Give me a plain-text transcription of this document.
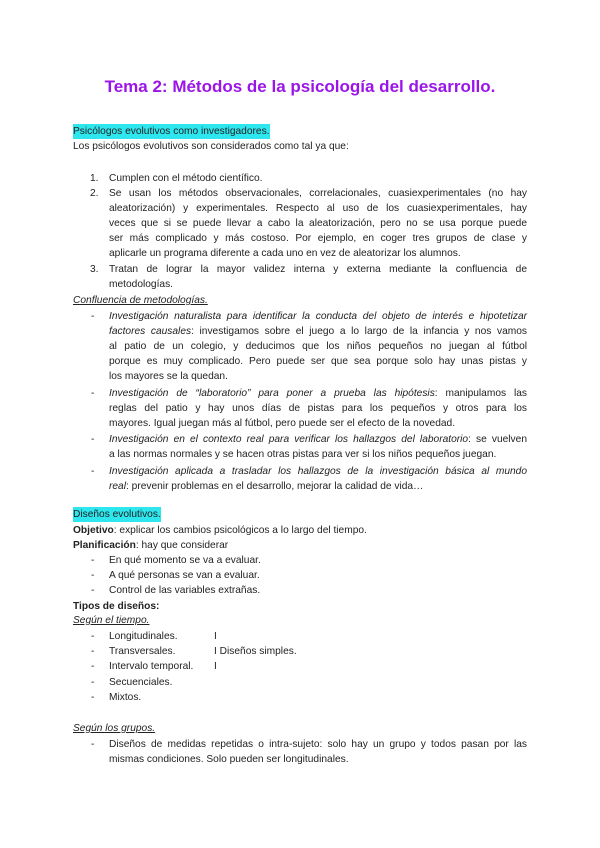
Tema 2: Métodos de la psicología del desarrollo.
Psicólogos evolutivos como investigadores.
Los psicólogos evolutivos son considerados como tal ya que:
1. Cumplen con el método científico.
2. Se usan los métodos observacionales, correlacionales, cuasiexperimentales (no hay
aleatorización) y experimentales. Respecto al uso de los cuasiexperimentales, hay
veces que si se puede llevar a cabo la aleatorización, pero no se usa porque puede
ser más complicado y más costoso. Por ejemplo, en coger tres grupos de clase y
aplicarle un programa diferente a cada uno en vez de aleatorizar los alumnos.
3. Tratan de lograr la mayor validez interna y externa mediante la confluencia de
metodologías.
Confluencia de metodologías.
- Investigación naturalista para identificar la conducta del objeto de interés e hipotetizar
factores causales: investigamos sobre el juego a lo largo de la infancia y nos vamos
al patio de un colegio, y deducimos que los niños pequeños no juegan al fútbol
porque es muy complicado. Pero puede ser que sea porque solo hay unas pistas y
los mayores se la quedan.
- Investigación de “laboratorio” para poner a prueba las hipótesis: manipulamos las
reglas del patio y hay unos días de pistas para los pequeños y otros para los
mayores. Igual juegan más al fútbol, pero puede ser el efecto de la novedad.
- Investigación en el contexto real para verificar los hallazgos del laboratorio: se vuelven
a las normas normales y se hacen otras pistas para ver si los niños pequeños juegan.
- Investigación aplicada a trasladar los hallazgos de la investigación básica al mundo
real: prevenir problemas en el desarrollo, mejorar la calidad de vida…
Diseños evolutivos.
Objetivo: explicar los cambios psicológicos a lo largo del tiempo.
Planificación: hay que considerar
- En qué momento se va a evaluar.
- A qué personas se van a evaluar.
- Control de las variables extrañas.
Tipos de diseños:
Según el tiempo.
- Longitudinales.	I
- Transversales.	I Diseños simples.
- Intervalo temporal. I
- Secuenciales.
- Mixtos.
Según los grupos.
- Diseños de medidas repetidas o intra-sujeto: solo hay un grupo y todos pasan por las
mismas condiciones. Solo pueden ser longitudinales.
